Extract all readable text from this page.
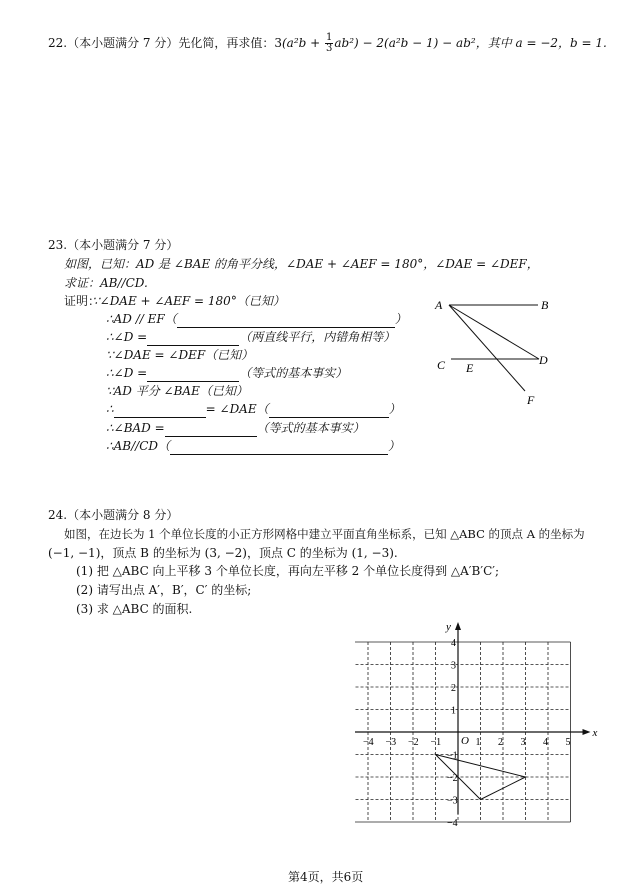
22.（本小题满分 7 分）先化简，再求值：$3(a^2b + \frac{1}{3} ab^2) - 2(a^2b - 1) - ab^2$，其中 a = −2，b = 1.
23.（本小题满分 7 分）
如图，已知：AD 是 ∠BAE 的角平分线，∠DAE + ∠AEF = 180°，∠DAE = ∠DEF，
求证：AB//CD.
证明：
∵∠DAE + ∠AEF = 180°（已知）
∴AD // EF（	）
∴∠D =	（两直线平行，内错角相等）
∵∠DAE = ∠DEF（已知）
∴∠D =	（等式的基本事实）
∵AD 平分 ∠BAE（已知）
∴	= ∠DAE（	）
∴∠BAD =	（等式的基本事实）
∴AB//CD（	）
A	B
C	D
E
F
24.（本小题满分 8 分）
如图，在边长为 1 个单位长度的小正方形网格中建立平面直角坐标系，已知 △ABC 的顶点 A 的坐标为
(−1, −1)，顶点 B 的坐标为 (3, −2)，顶点 C 的坐标为 (1, −3).
(1) 把 △ABC 向上平移 3 个单位长度，再向左平移 2 个单位长度得到 △A′B′C′;
(2) 请写出点 A′，B′，C′ 的坐标;
(3) 求 △ABC 的面积.
x
y
O
−4 −3 −2 −1	1 2 3 4 5
4
3
2
1
−1
−2
−3
−4
第4页，共6页
